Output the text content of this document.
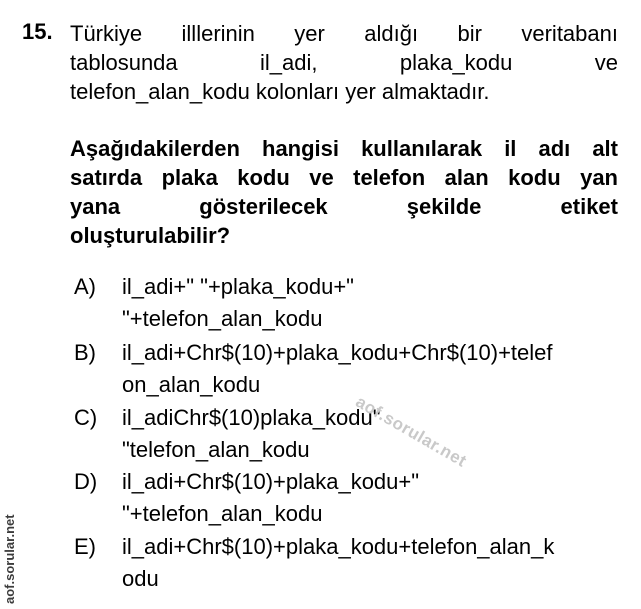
15. Türkiye illlerinin yer aldığı bir veritabanı
tablosunda il_adi, plaka_kodu ve
telefon_alan_kodu kolonları yer almaktadır.
Aşağıdakilerden hangisi kullanılarak il adı alt
satırda plaka kodu ve telefon alan kodu yan
yana gösterilecek şekilde etiket
oluşturulabilir?
A) il_adi+" "+plaka_kodu+"
"+telefon_alan_kodu
B) il_adi+Chr$(10)+plaka_kodu+Chr$(10)+telef
on_alan_kodu
C) il_adiChr$(10)plaka_kodu"
"telefon_alan_kodu
D) il_adi+Chr$(10)+plaka_kodu+"
"+telefon_alan_kodu
E) il_adi+Chr$(10)+plaka_kodu+telefon_alan_k
odu
aof.sorular.net
aof.sorular.net
